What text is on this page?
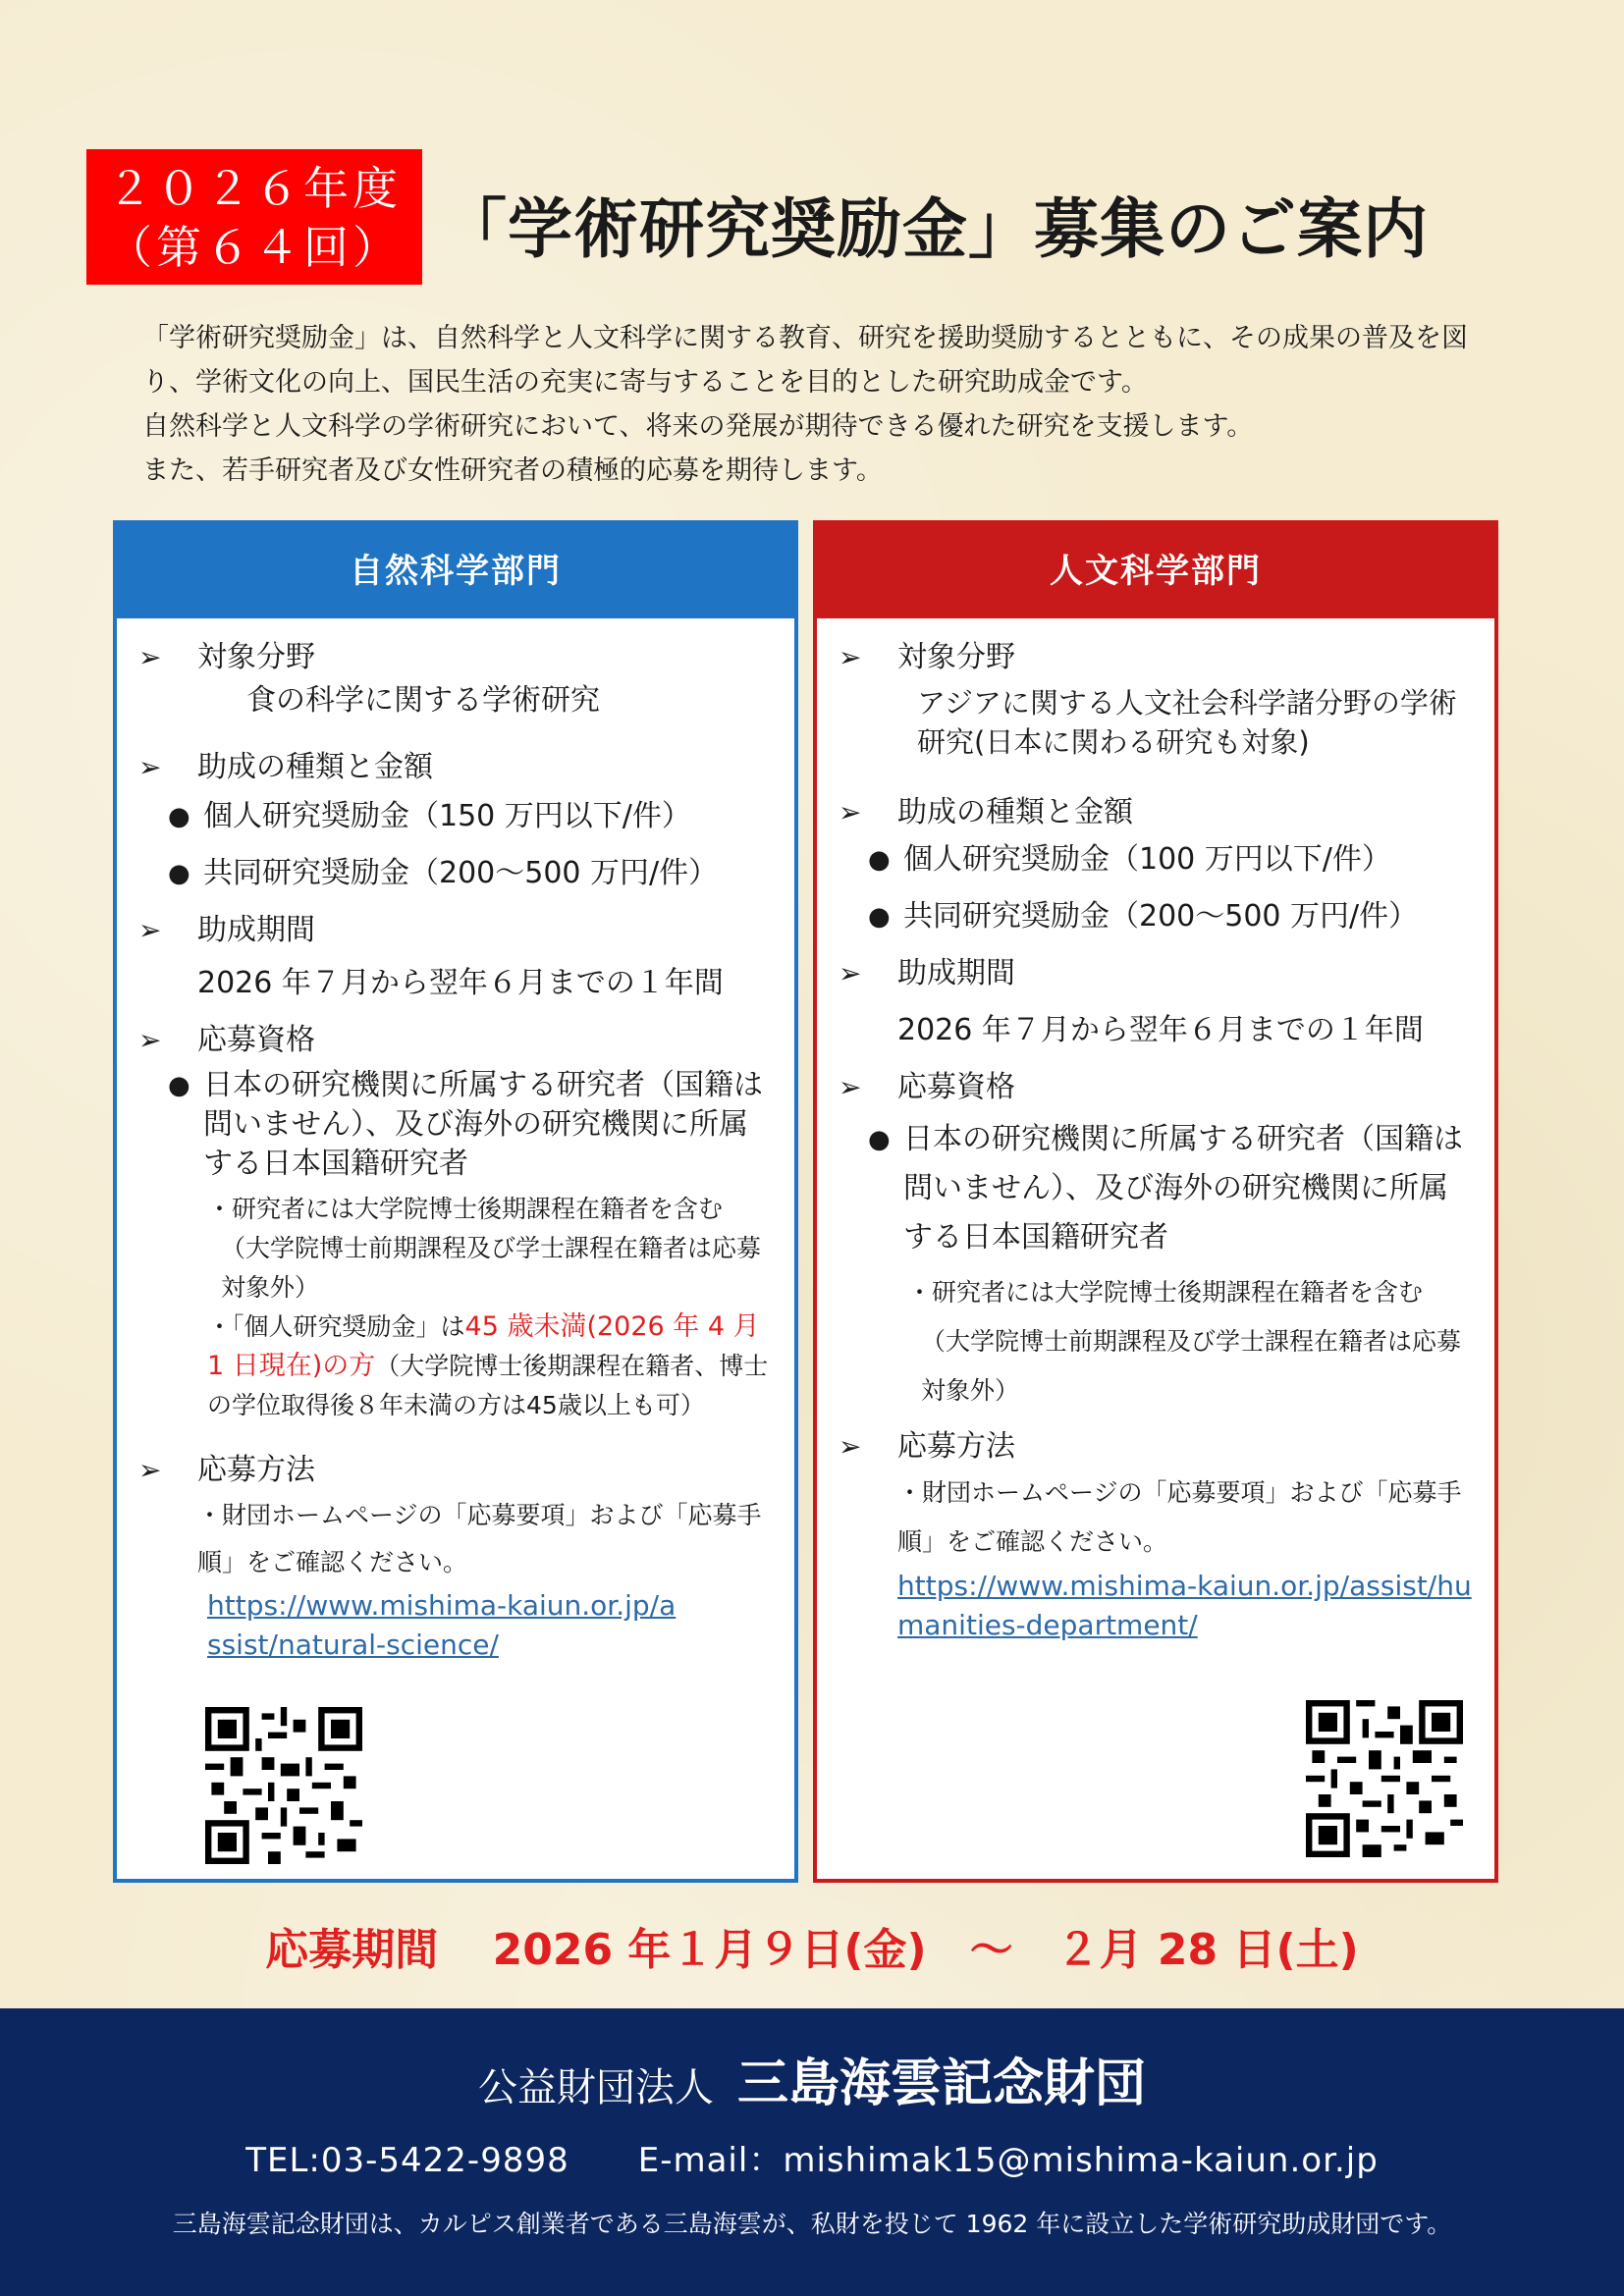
２０２６年度
（第６４回） 「学術研究奨励金」募集のご案内

「学術研究奨励金」は、自然科学と人文科学に関する教育、研究を援助奨励するとともに、その成果の普及を図り、学術文化の向上、国民生活の充実に寄与することを目的とした研究助成金です。

自然科学と人文科学の学術研究において、将来の発展が期待できる優れた研究を支援します。

また、若手研究者及び女性研究者の積極的応募を期待します。

自然科学部門
➢	対象分野
食の科学に関する学術研究
➢	助成の種類と金額
● 個人研究奨励金（150 万円以下/件）
● 共同研究奨励金（200～500 万円/件）
➢	助成期間
2026 年７月から翌年６月までの１年間
➢	応募資格
● 日本の研究機関に所属する研究者（国籍は問いません）、及び海外の研究機関に所属する日本国籍研究者
・研究者には大学院博士後期課程在籍者を含む
（大学院博士前期課程及び学士課程在籍者は応募対象外）
・「個人研究奨励金」は45 歳未満(2026 年 4 月 1 日現在)の方（大学院博士後期課程在籍者、博士の学位取得後８年未満の方は45歳以上も可）
➢	応募方法
・財団ホームページの「応募要項」および「応募手順」をご確認ください。
https://www.mishima-kaiun.or.jp/assist/natural-science/
人文科学部門
➢	対象分野
アジアに関する人文社会科学諸分野の学術研究(日本に関わる研究も対象)
➢	助成の種類と金額
● 個人研究奨励金（100 万円以下/件）
● 共同研究奨励金（200～500 万円/件）
➢	助成期間
2026 年７月から翌年６月までの１年間
➢	応募資格
● 日本の研究機関に所属する研究者（国籍は問いません）、及び海外の研究機関に所属する日本国籍研究者
・研究者には大学院博士後期課程在籍者を含む
（大学院博士前期課程及び学士課程在籍者は応募対象外）
➢	応募方法
・財団ホームページの「応募要項」および「応募手順」をご確認ください。
https://www.mishima-kaiun.or.jp/assist/humanities-department/
応募期間 2026 年１月９日(金)　～　２月 28 日(土)
公益財団法人 三島海雲記念財団
TEL:03-5422-9898　　E-mail：mishimak15@mishima-kaiun.or.jp
三島海雲記念財団は、カルピス創業者である三島海雲が、私財を投じて 1962 年に設立した学術研究助成財団です。
